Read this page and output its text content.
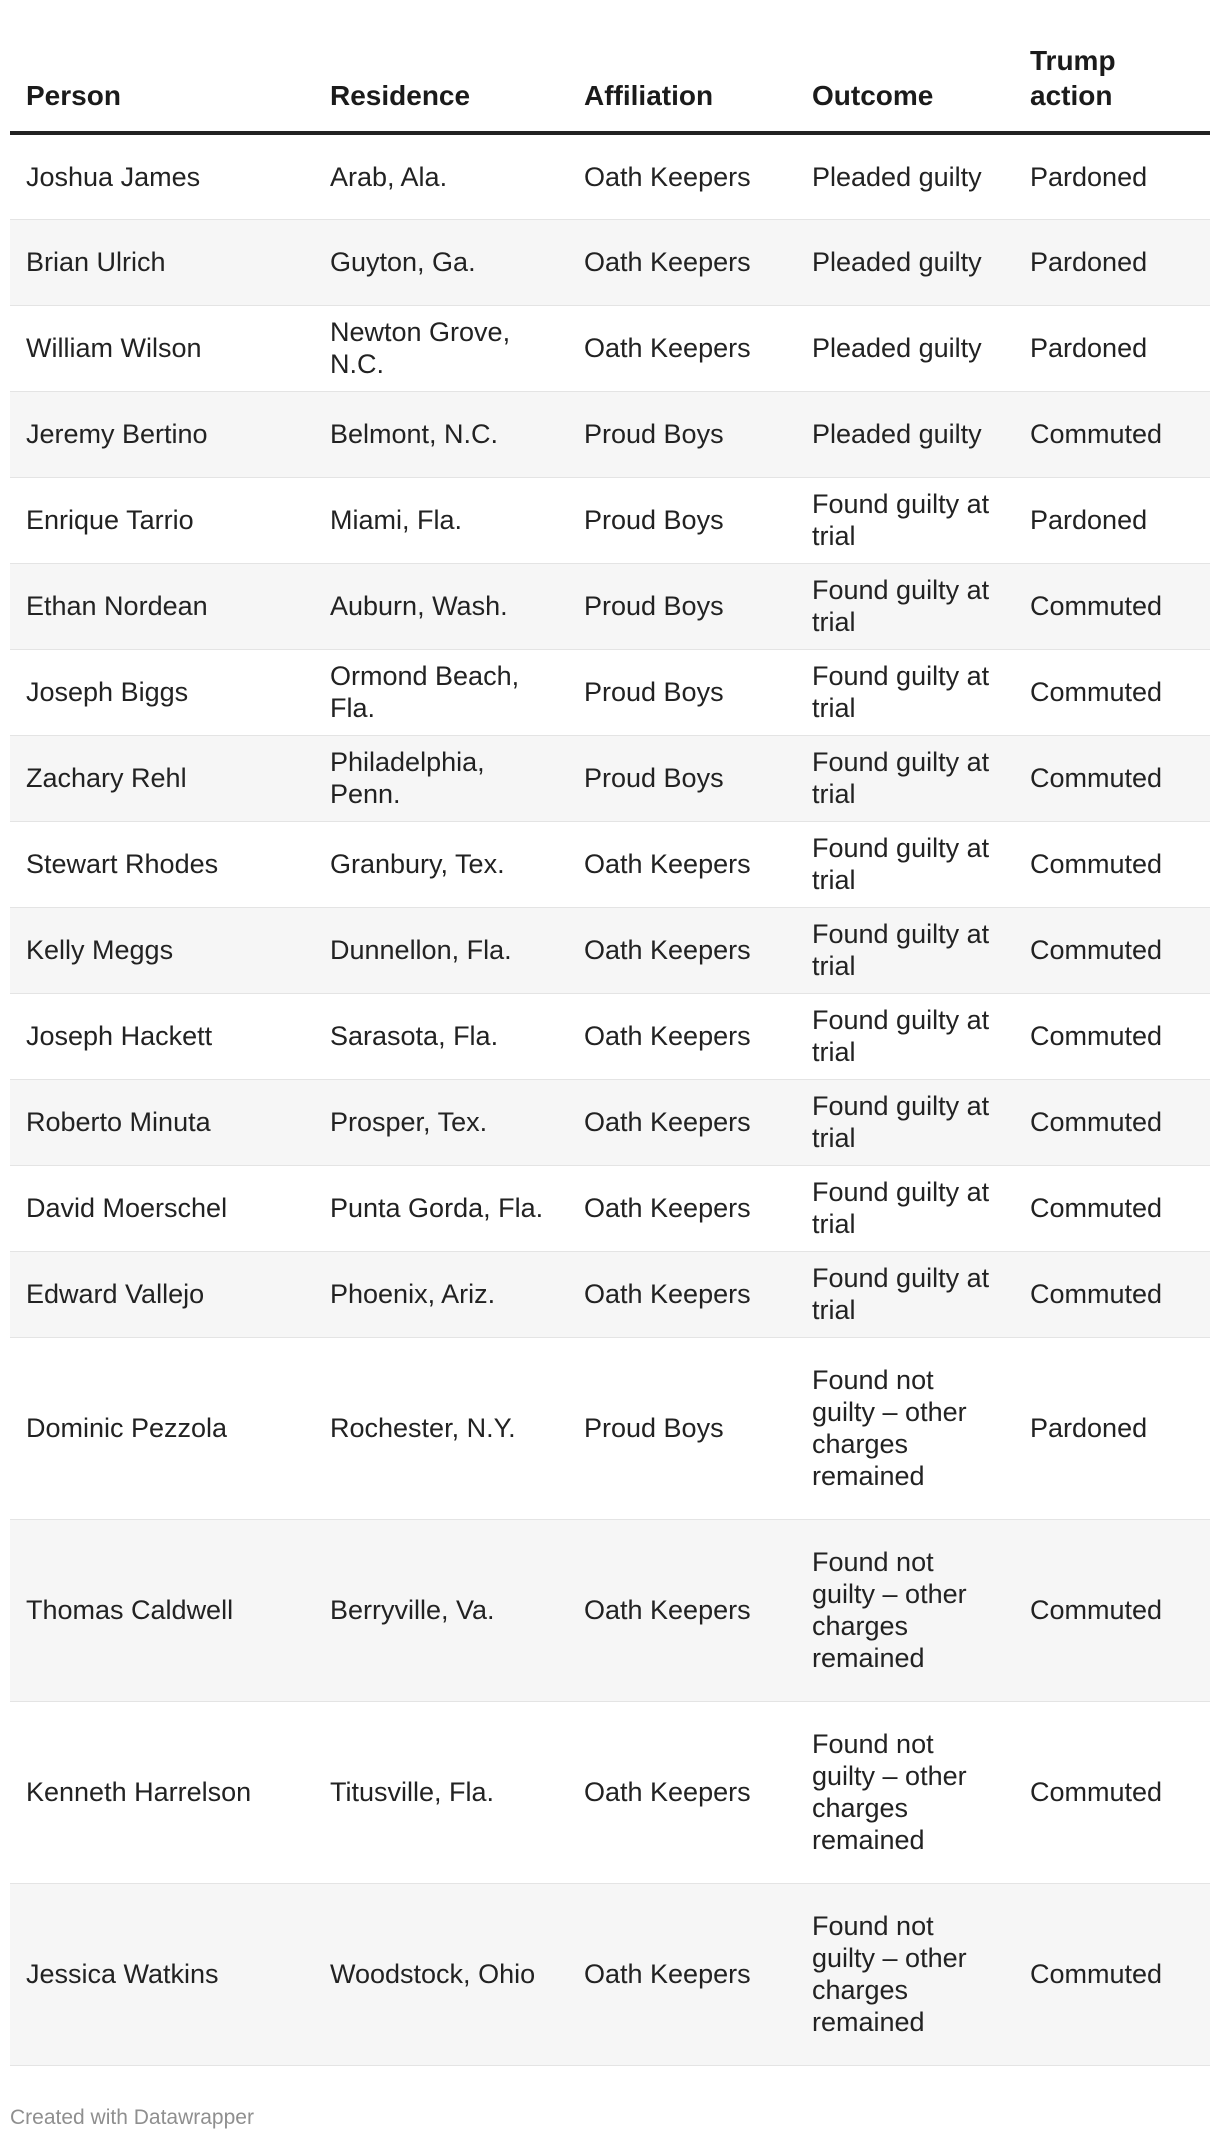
Person	Residence	Affiliation	Outcome	Trump action
Joshua James	Arab, Ala.	Oath Keepers	Pleaded guilty	Pardoned
Brian Ulrich	Guyton, Ga.	Oath Keepers	Pleaded guilty	Pardoned
William Wilson	Newton Grove, N.C.	Oath Keepers	Pleaded guilty	Pardoned
Jeremy Bertino	Belmont, N.C.	Proud Boys	Pleaded guilty	Commuted
Enrique Tarrio	Miami, Fla.	Proud Boys	Found guilty at trial	Pardoned
Ethan Nordean	Auburn, Wash.	Proud Boys	Found guilty at trial	Commuted
Joseph Biggs	Ormond Beach, Fla.	Proud Boys	Found guilty at trial	Commuted
Zachary Rehl	Philadelphia, Penn.	Proud Boys	Found guilty at trial	Commuted
Stewart Rhodes	Granbury, Tex.	Oath Keepers	Found guilty at trial	Commuted
Kelly Meggs	Dunnellon, Fla.	Oath Keepers	Found guilty at trial	Commuted
Joseph Hackett	Sarasota, Fla.	Oath Keepers	Found guilty at trial	Commuted
Roberto Minuta	Prosper, Tex.	Oath Keepers	Found guilty at trial	Commuted
David Moerschel	Punta Gorda, Fla.	Oath Keepers	Found guilty at trial	Commuted
Edward Vallejo	Phoenix, Ariz.	Oath Keepers	Found guilty at trial	Commuted
Dominic Pezzola	Rochester, N.Y.	Proud Boys	Found not guilty – other charges remained	Pardoned
Thomas Caldwell	Berryville, Va.	Oath Keepers	Found not guilty – other charges remained	Commuted
Kenneth Harrelson	Titusville, Fla.	Oath Keepers	Found not guilty – other charges remained	Commuted
Jessica Watkins	Woodstock, Ohio	Oath Keepers	Found not guilty – other charges remained	Commuted
Created with Datawrapper
